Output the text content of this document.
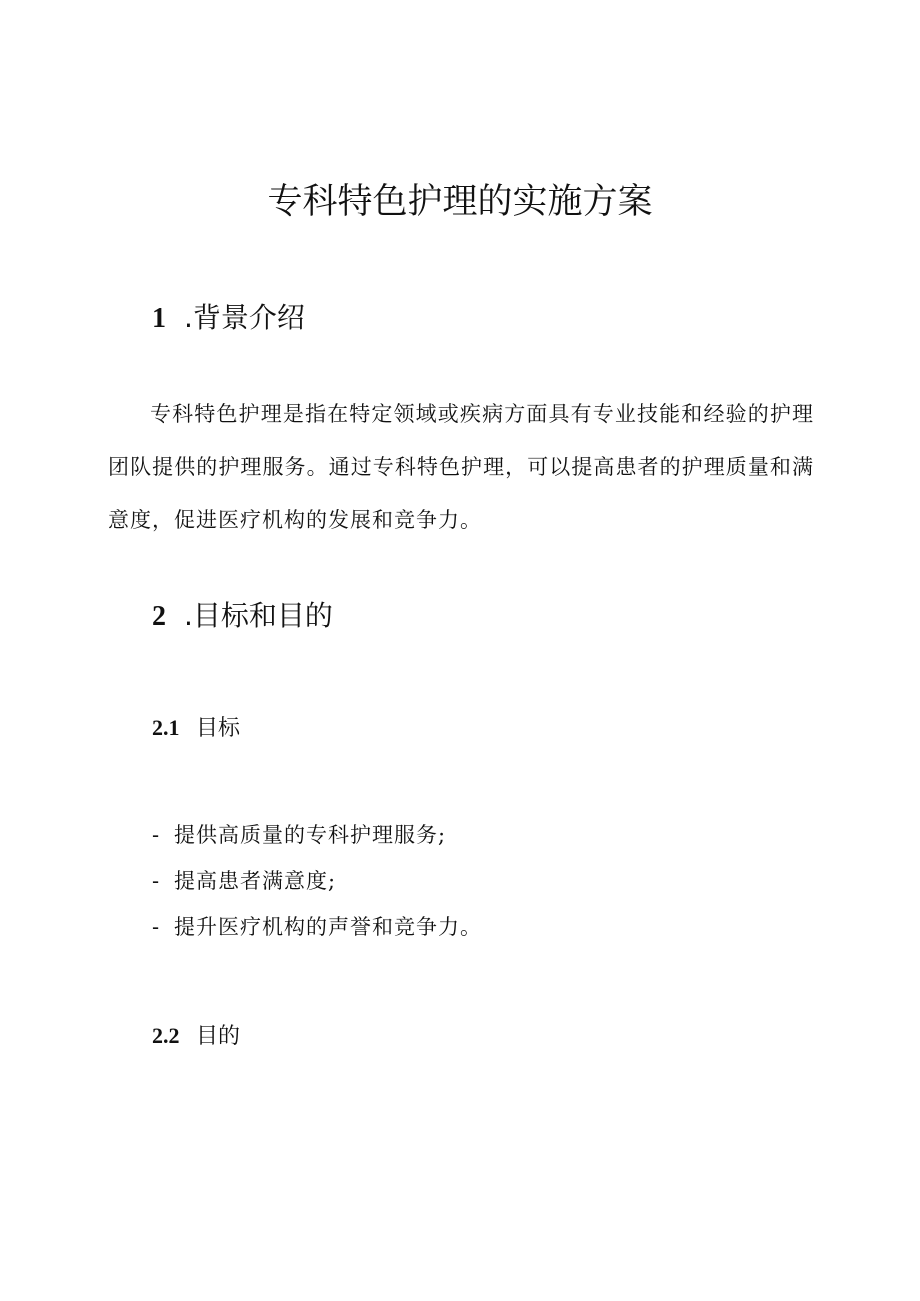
专科特色护理的实施方案
1 .背景介绍

专科特色护理是指在特定领域或疾病方面具有专业技能和经验的护理团队提供的护理服务。通过专科特色护理，可以提高患者的护理质量和满意度，促进医疗机构的发展和竞争力。

2 .目标和目的
2.1 目标
- 提供高质量的专科护理服务;
- 提高患者满意度;
- 提升医疗机构的声誉和竞争力。
2.2 目的
